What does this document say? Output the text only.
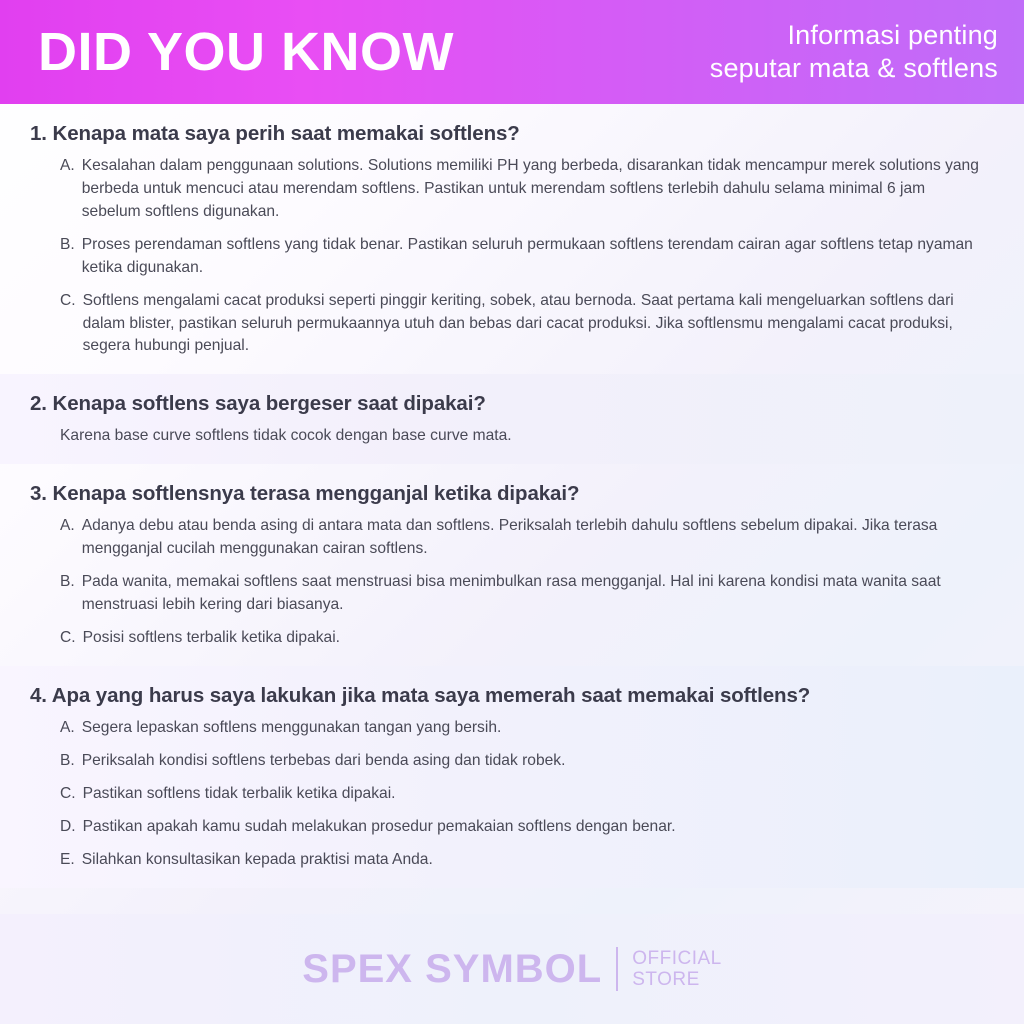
DID YOU KNOW	Informasi penting
seputar mata & softlens
1. Kenapa mata saya perih saat memakai softlens?
A. Kesalahan dalam penggunaan solutions. Solutions memiliki PH yang berbeda, disarankan tidak mencampur merek solutions yang berbeda untuk mencuci atau merendam softlens. Pastikan untuk merendam softlens terlebih dahulu selama minimal 6 jam sebelum softlens digunakan.
B. Proses perendaman softlens yang tidak benar. Pastikan seluruh permukaan softlens terendam cairan agar softlens tetap nyaman ketika digunakan.
C. Softlens mengalami cacat produksi seperti pinggir keriting, sobek, atau bernoda. Saat pertama kali mengeluarkan softlens dari dalam blister, pastikan seluruh permukaannya utuh dan bebas dari cacat produksi. Jika softlensmu mengalami cacat produksi, segera hubungi penjual.
2. Kenapa softlens saya bergeser saat dipakai?
Karena base curve softlens tidak cocok dengan base curve mata.
3. Kenapa softlensnya terasa mengganjal ketika dipakai?
A. Adanya debu atau benda asing di antara mata dan softlens. Periksalah terlebih dahulu softlens sebelum dipakai. Jika terasa mengganjal cucilah menggunakan cairan softlens.
B. Pada wanita, memakai softlens saat menstruasi bisa menimbulkan rasa mengganjal. Hal ini karena kondisi mata wanita saat menstruasi lebih kering dari biasanya.
C. Posisi softlens terbalik ketika dipakai.
4. Apa yang harus saya lakukan jika mata saya memerah saat memakai softlens?
A. Segera lepaskan softlens menggunakan tangan yang bersih.
B. Periksalah kondisi softlens terbebas dari benda asing dan tidak robek.
C. Pastikan softlens tidak terbalik ketika dipakai.
D. Pastikan apakah kamu sudah melakukan prosedur pemakaian softlens dengan benar.
E. Silahkan konsultasikan kepada praktisi mata Anda.
SPEX SYMBOL OFFICIAL
STORE
